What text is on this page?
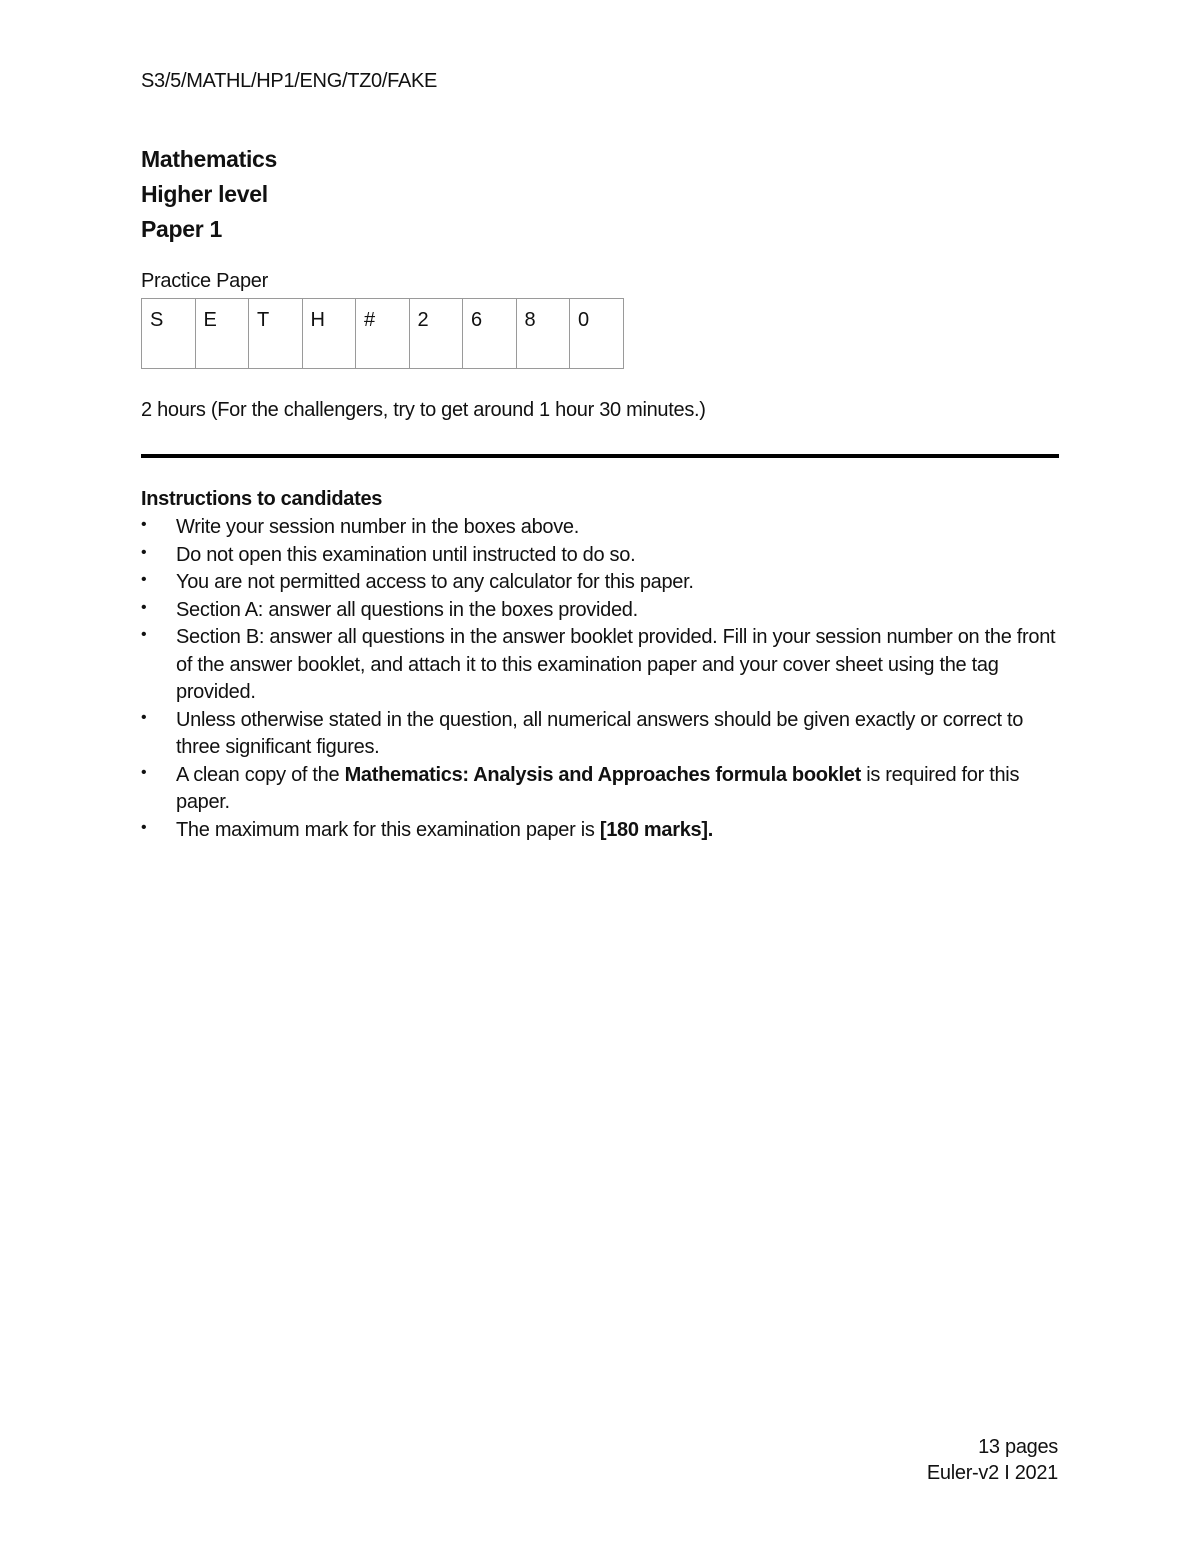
S3/5/MATHL/HP1/ENG/TZ0/FAKE
Mathematics
Higher level
Paper 1
Practice Paper
S E T H # 2 6 8 0
2 hours (For the challengers, try to get around 1 hour 30 minutes.)
Instructions to candidates
• Write your session number in the boxes above.
• Do not open this examination until instructed to do so.
• You are not permitted access to any calculator for this paper.
• Section A: answer all questions in the boxes provided.
• Section B: answer all questions in the answer booklet provided. Fill in your session number on the front of the answer booklet, and attach it to this examination paper and your cover sheet using the tag provided.
• Unless otherwise stated in the question, all numerical answers should be given exactly or correct to three significant figures.
• A clean copy of the Mathematics: Analysis and Approaches formula booklet is required for this paper.
• The maximum mark for this examination paper is [180 marks].
13 pages
Euler-v2 I 2021
